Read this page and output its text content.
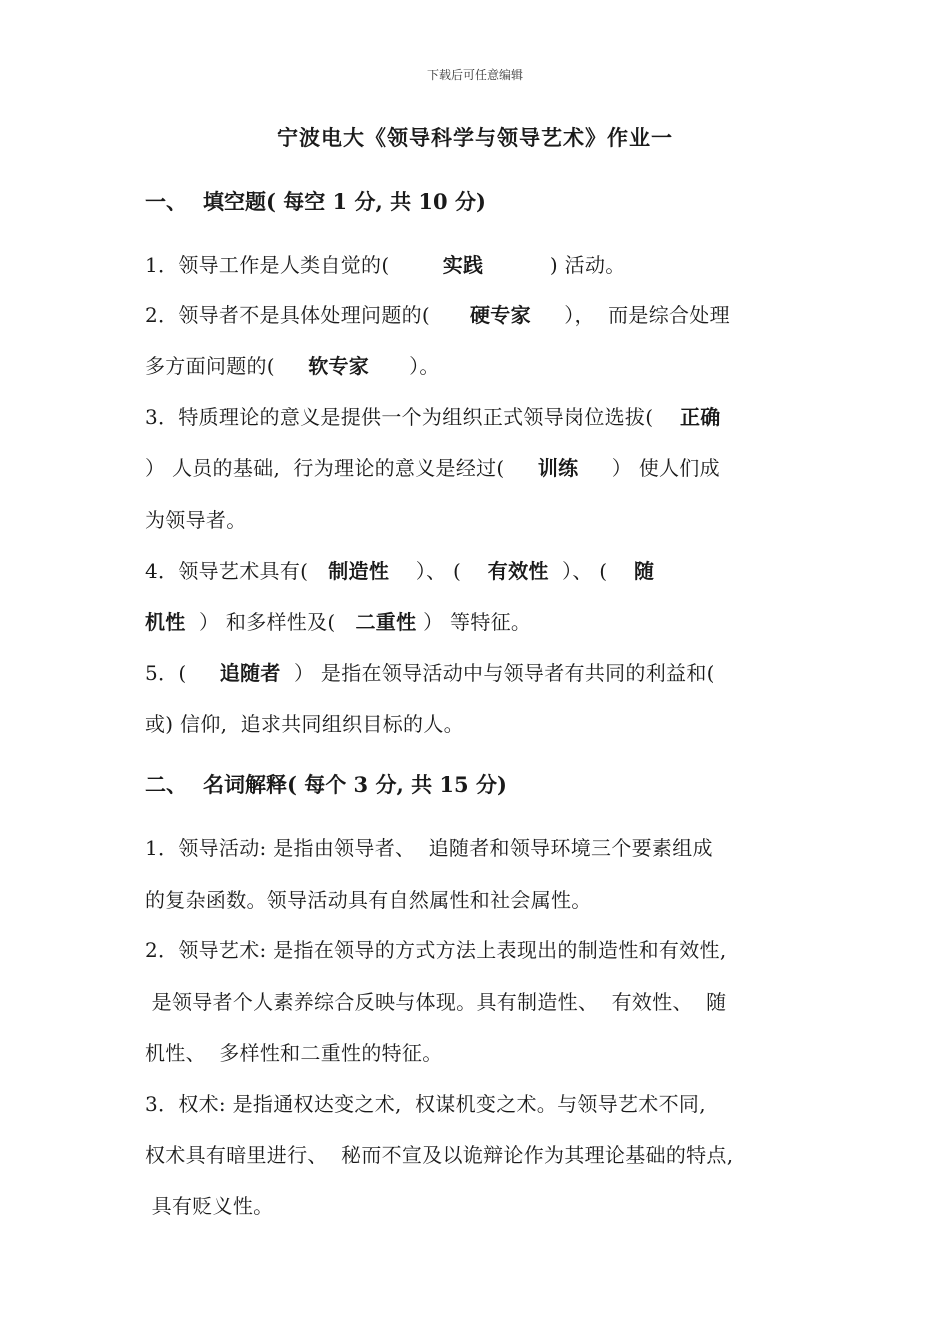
下载后可任意编辑
宁波电大《领导科学与领导艺术》作业一
一、 填空题( 每空 1 分, 共 10 分)
1．领导工作是人类自觉的(	实践	) 活动。
2．领导者不是具体处理问题的( 硬专家 ），  而是综合处理
多方面问题的( 软专家 ）。
3．特质理论的意义是提供一个为组织正式领导岗位选拔( 正确
） 人员的基础,  行为理论的意义是经过( 训练 ） 使人们成
为领导者。
4．领导艺术具有( 制造性 ）、 ( 有效性 ）、 ( 随
机性 ） 和多样性及( 二重性 ） 等特征。
5．( 追随者 ） 是指在领导活动中与领导者有共同的利益和(
或) 信仰,  追求共同组织目标的人。
二、 名词解释( 每个 3 分, 共 15 分)
1．领导活动: 是指由领导者、  追随者和领导环境三个要素组成
的复杂函数。领导活动具有自然属性和社会属性。
2．领导艺术: 是指在领导的方式方法上表现出的制造性和有效性,
是领导者个人素养综合反映与体现。具有制造性、  有效性、  随
机性、  多样性和二重性的特征。
3．权术: 是指通权达变之术,  权谋机变之术。与领导艺术不同,
权术具有暗里进行、  秘而不宣及以诡辩论作为其理论基础的特点,
具有贬义性。
